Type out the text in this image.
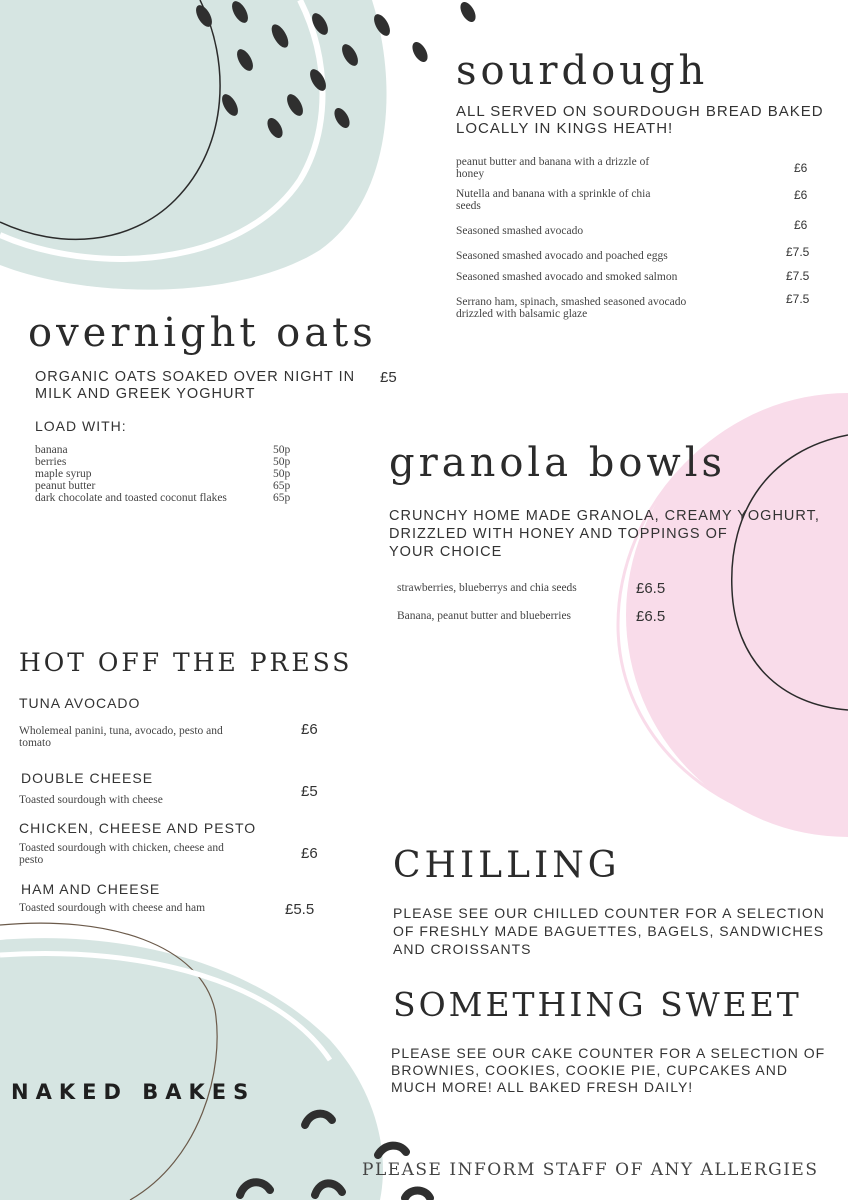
sourdough
ALL SERVED ON SOURDOUGH BREAD BAKED
LOCALLY IN KINGS HEATH!
peanut butter and banana with a drizzle of
honey	£6
Nutella and banana with a sprinkle of chia
seeds
£6
Seasoned smashed avocado	£6
Seasoned smashed avocado and poached eggs	£7.5
Seasoned smashed avocado and smoked salmon	£7.5
Serrano ham, spinach, smashed seasoned avocado
drizzled with balsamic glaze
£7.5
overnight oats
ORGANIC OATS SOAKED OVER NIGHT IN
MILK AND GREEK YOGHURT
£5
LOAD WITH:
banana	50p
berries	50p
maple syrup	50p
peanut butter	65p
dark chocolate and toasted coconut flakes	65p
granola bowls
CRUNCHY HOME MADE GRANOLA, CREAMY YOGHURT,
DRIZZLED WITH HONEY AND TOPPINGS OF
YOUR CHOICE
strawberries, blueberrys and chia seeds	£6.5
Banana, peanut butter and blueberries	£6.5
HOT OFF THE PRESS
TUNA AVOCADO
Wholemeal panini, tuna, avocado, pesto and
tomato
£6
DOUBLE CHEESE
Toasted sourdough with cheese	£5
CHICKEN, CHEESE AND PESTO
Toasted sourdough with chicken, cheese and
pesto	£6
HAM AND CHEESE
Toasted sourdough with cheese and ham	£5.5
CHILLING
PLEASE SEE OUR CHILLED COUNTER FOR A SELECTION
OF FRESHLY MADE BAGUETTES, BAGELS, SANDWICHES
AND CROISSANTS
SOMETHING SWEET
PLEASE SEE OUR CAKE COUNTER FOR A SELECTION OF
BROWNIES, COOKIES, COOKIE PIE, CUPCAKES AND
MUCH MORE! ALL BAKED FRESH DAILY!
NAKED BAKES
PLEASE INFORM STAFF OF ANY ALLERGIES
